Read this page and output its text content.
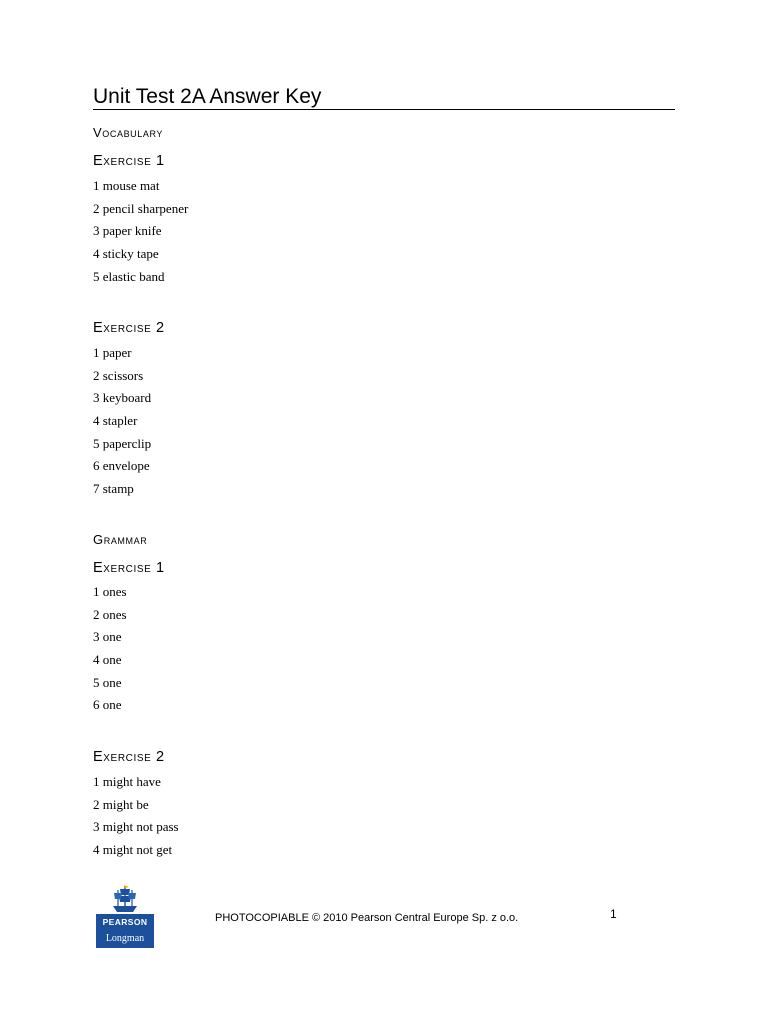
Unit Test 2A Answer Key
Vocabulary
Exercise 1
1 mouse mat
2 pencil sharpener
3 paper knife
4 sticky tape
5 elastic band
Exercise 2
1 paper
2 scissors
3 keyboard
4 stapler
5 paperclip
6 envelope
7 stamp
Grammar
Exercise 1
1 ones
2 ones
3 one
4 one
5 one
6 one
Exercise 2
1 might have
2 might be
3 might not pass
4 might not get
PEARSON
Longman
PHOTOCOPIABLE © 2010 Pearson Central Europe Sp. z o.o.	1
